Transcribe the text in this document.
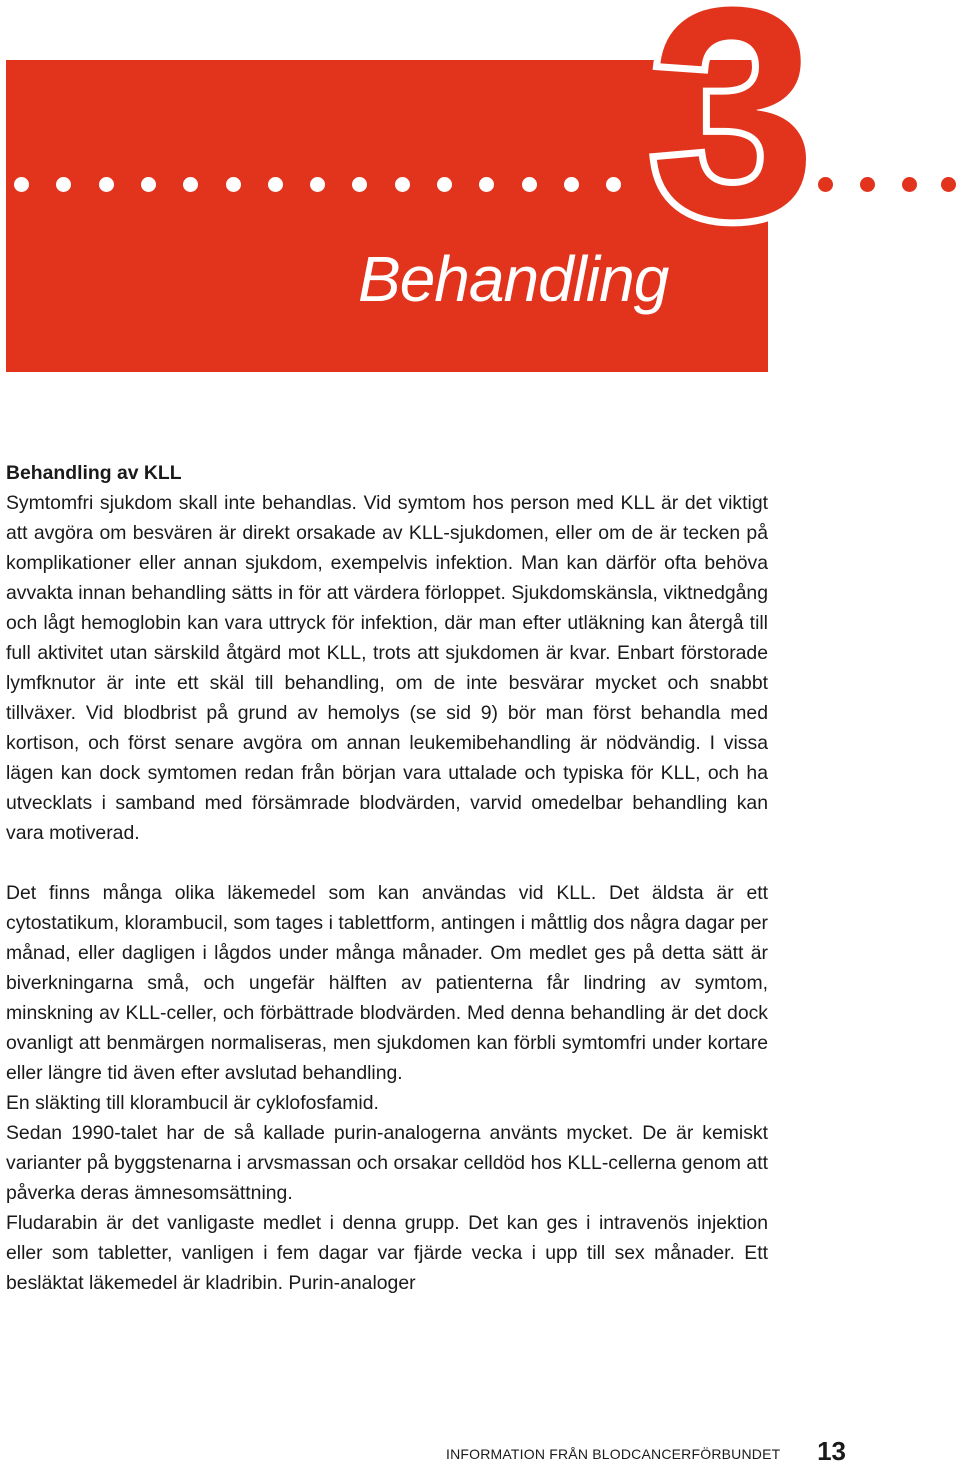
3
Behandling
Behandling av KLL

Symtomfri sjukdom skall inte behandlas. Vid symtom hos person med KLL är det viktigt att avgöra om besvären är direkt orsakade av KLL-sjukdomen, eller om de är tecken på komplikationer eller annan sjukdom, exempelvis infektion. Man kan därför ofta behöva avvakta innan behandling sätts in för att värdera förloppet. Sjukdomskänsla, viktnedgång och lågt hemoglobin kan vara uttryck för infektion, där man efter utläkning kan återgå till full aktivitet utan särskild åtgärd mot KLL, trots att sjukdomen är kvar. Enbart förstorade lymfknutor är inte ett skäl till behandling, om de inte besvärar mycket och snabbt tillväxer. Vid blodbrist på grund av hemolys (se sid 9) bör man först behandla med kortison, och först senare avgöra om annan leukemibehandling är nödvändig. I vissa lägen kan dock symtomen redan från början vara uttalade och typiska för KLL, och ha utvecklats i samband med försämrade blodvärden, varvid omedelbar behandling kan vara motiverad.

Det finns många olika läkemedel som kan användas vid KLL. Det äldsta är ett cytostatikum, klorambucil, som tages i tablettform, antingen i måttlig dos några dagar per månad, eller dagligen i lågdos under många månader. Om medlet ges på detta sätt är biverkningarna små, och ungefär hälften av patienterna får lindring av symtom, minskning av KLL-celler, och förbättrade blodvärden. Med denna behandling är det dock ovanligt att benmärgen normaliseras, men sjukdomen kan förbli symtomfri under kortare eller längre tid även efter avslutad behandling.

En släkting till klorambucil är cyklofosfamid.

Sedan 1990-talet har de så kallade purin-analogerna använts mycket. De är kemiskt varianter på byggstenarna i arvsmassan och orsakar celldöd hos KLL-cellerna genom att påverka deras ämnesomsättning.

Fludarabin är det vanligaste medlet i denna grupp. Det kan ges i intravenös injektion eller som tabletter, vanligen i fem dagar var fjärde vecka i upp till sex månader. Ett besläktat läkemedel är kladribin. Purin-analoger

INFORMATION FRÅN BLODCANCERFÖRBUNDET 13
